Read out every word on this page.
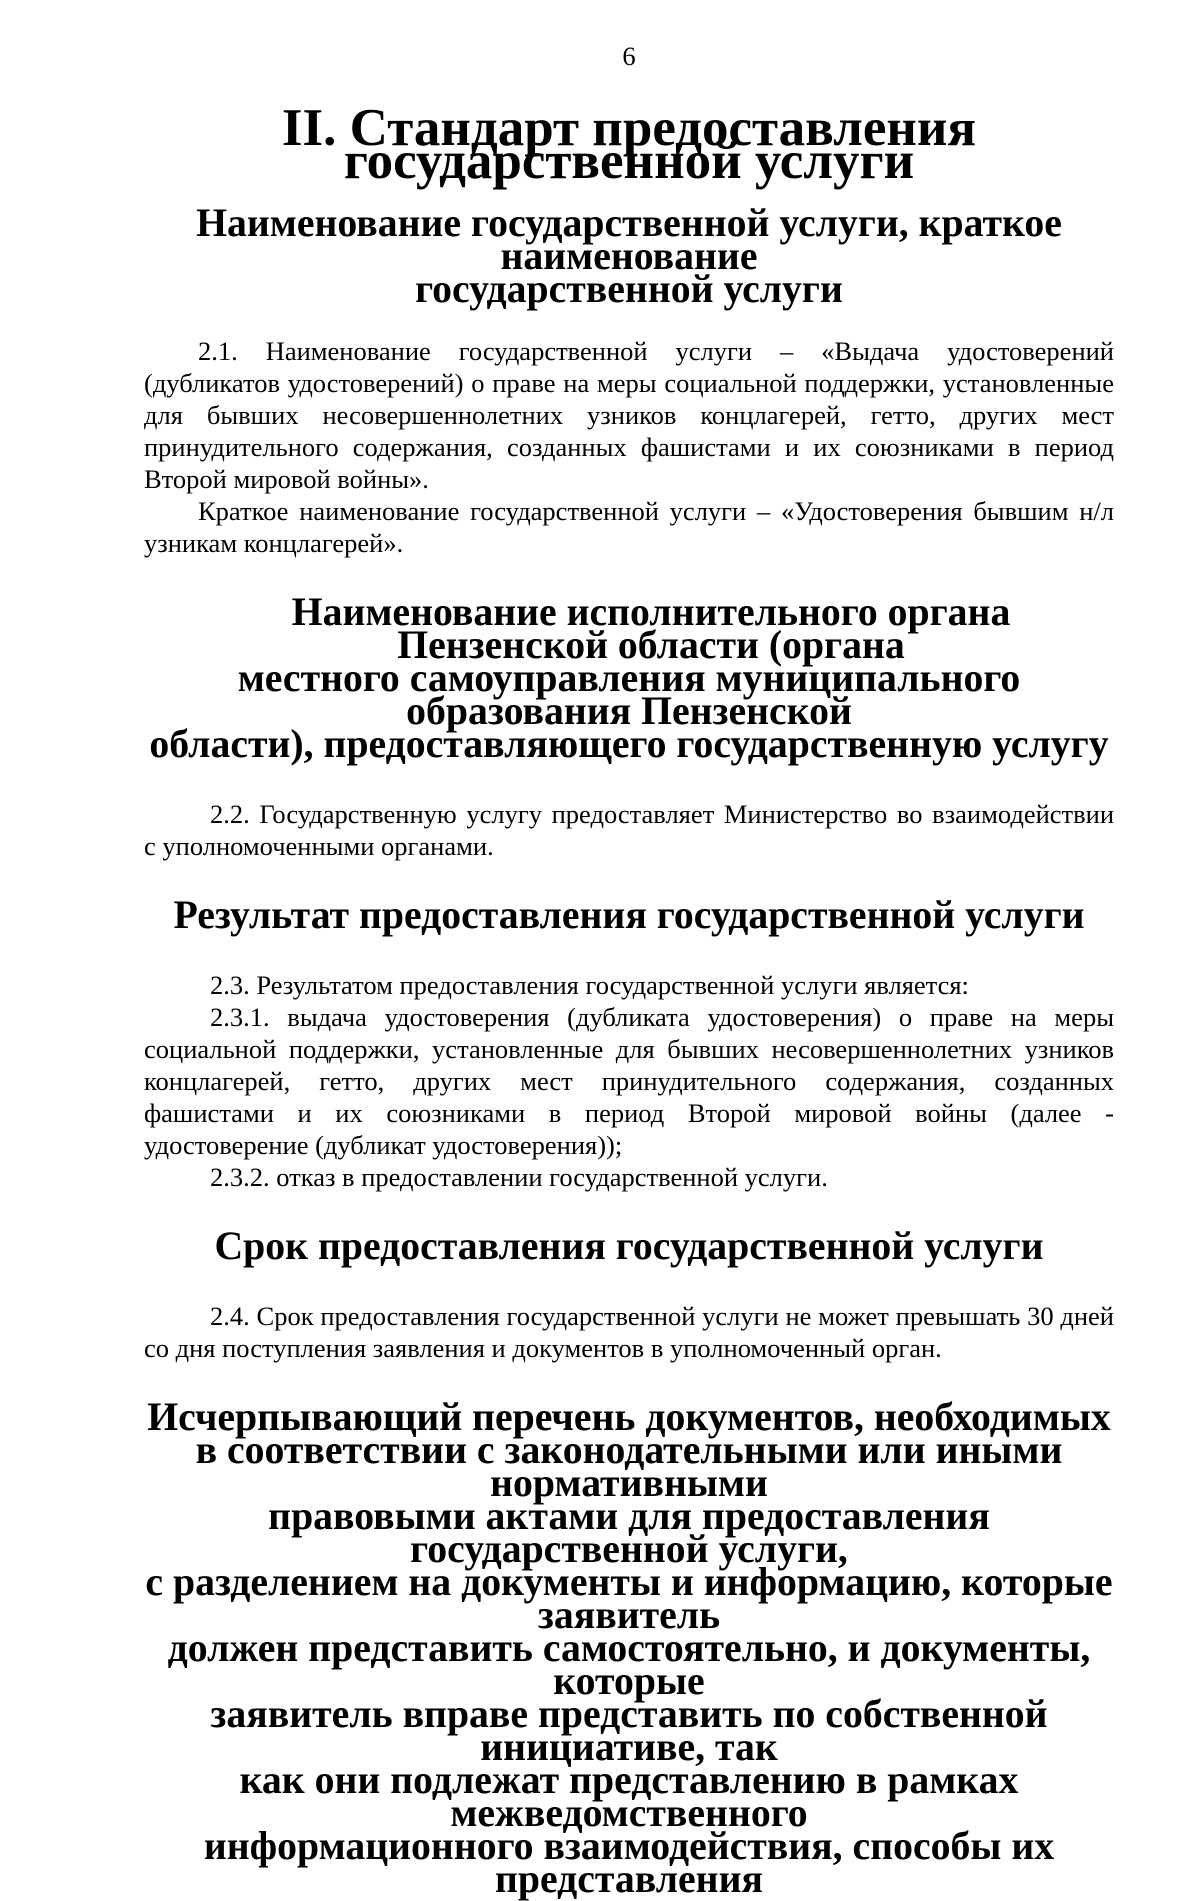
6
II. Стандарт предоставления государственной услуги
Наименование государственной услуги, краткое наименование
государственной услуги

2.1. Наименование государственной услуги – «Выдача удостоверений (дубликатов удостоверений) о праве на меры социальной поддержки, установленные для бывших несовершеннолетних узников концлагерей, гетто, других мест принудительного содержания, созданных фашистами и их союзниками в период Второй мировой войны».

Краткое наименование государственной услуги – «Удостоверения бывшим н/л узникам концлагерей».

Наименование исполнительного органа Пензенской области (органа
местного самоуправления муниципального образования Пензенской
области), предоставляющего государственную услугу

2.2. Государственную услугу предоставляет Министерство во взаимодействии с уполномоченными органами.

Результат предоставления государственной услуги

2.3. Результатом предоставления государственной услуги является:

2.3.1. выдача удостоверения (дубликата удостоверения) о праве на меры социальной поддержки, установленные для бывших несовершеннолетних узников концлагерей, гетто, других мест принудительного содержания, созданных фашистами и их союзниками в период Второй мировой войны (далее - удостоверение (дубликат удостоверения));

2.3.2. отказ в предоставлении государственной услуги.

Срок предоставления государственной услуги

2.4. Срок предоставления государственной услуги не может превышать 30 дней со дня поступления заявления и документов в уполномоченный орган.

Исчерпывающий перечень документов, необходимых
в соответствии с законодательными или иными нормативными
правовыми актами для предоставления государственной услуги,
с разделением на документы и информацию, которые заявитель
должен представить самостоятельно, и документы, которые
заявитель вправе представить по собственной инициативе, так
как они подлежат представлению в рамках межведомственного
информационного взаимодействия, способы их представления
